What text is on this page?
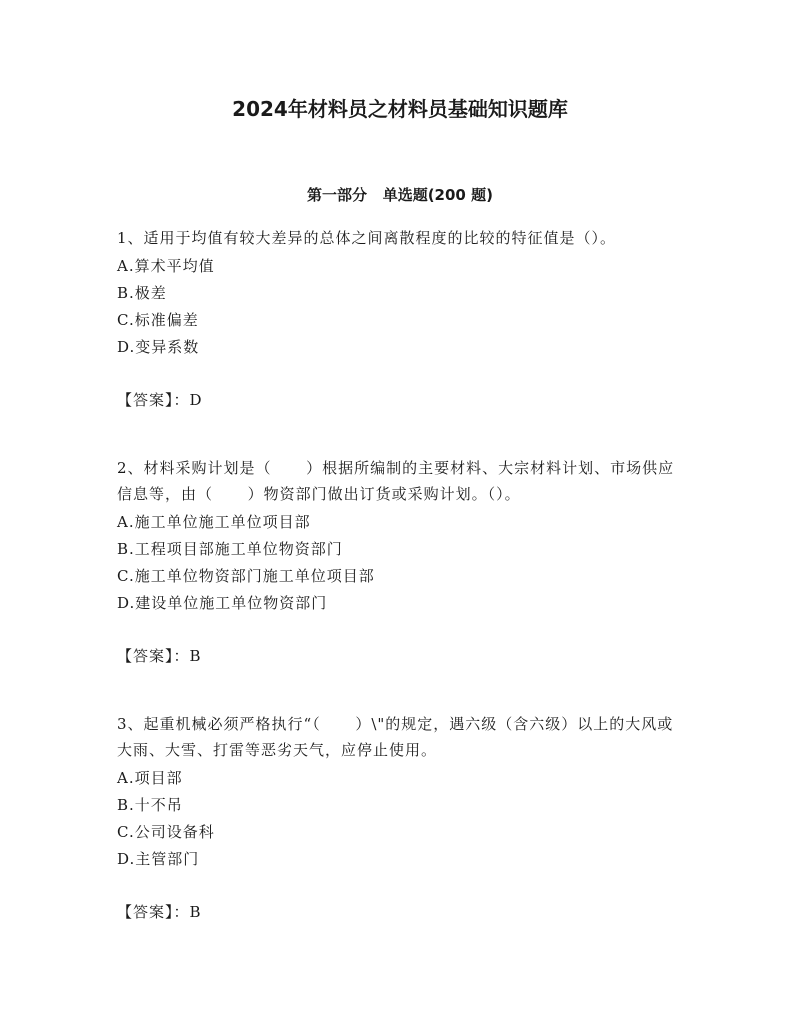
2024年材料员之材料员基础知识题库
第一部分   单选题(200 题)

1、适用于均值有较大差异的总体之间离散程度的比较的特征值是（）。

A.算术平均值
B.极差
C.标准偏差
D.变异系数

【答案】：D

2、材料采购计划是（      ）根据所编制的主要材料、大宗材料计划、市场供应信息等，由（      ）物资部门做出订货或采购计划。（）。

A.施工单位施工单位项目部
B.工程项目部施工单位物资部门
C.施工单位物资部门施工单位项目部
D.建设单位施工单位物资部门

【答案】：B

3、起重机械必须严格执行“（      ）\"的规定，遇六级（含六级）以上的大风或大雨、大雪、打雷等恶劣天气，应停止使用。

A.项目部
B.十不吊
C.公司设备科
D.主管部门

【答案】：B
